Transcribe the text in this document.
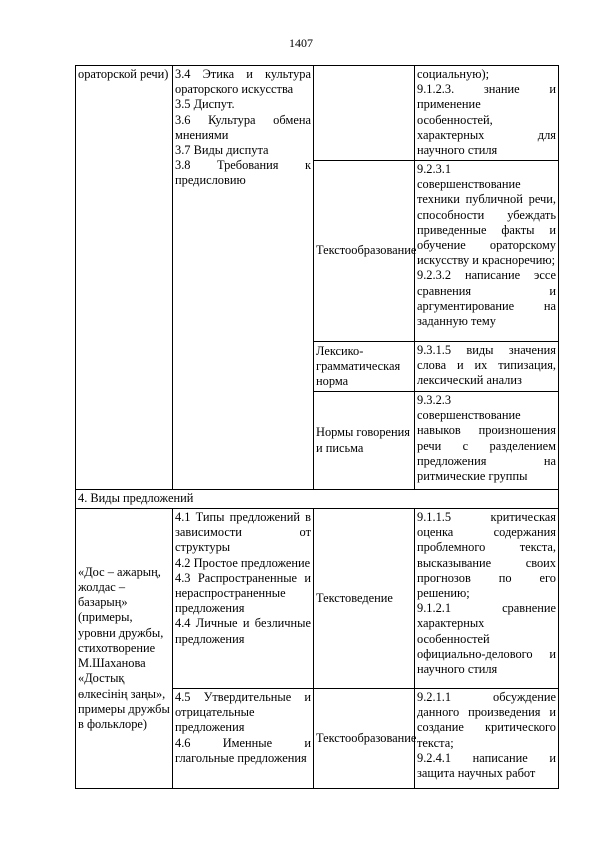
1407
ораторской речи)	3.4 Этика и культура ораторского искусства
3.5 Диспут.
3.6 Культура обмена мнениями
3.7 Виды диспута
3.8 Требования к предисловию		социальную);
9.1.2.3. знание и применение особенностей, характерных для научного стиля
		Текстообразование	9.2.3.1 совершенствование техники публичной речи, способности убеждать приведенные факты и обучение ораторскому искусству и красноречию;
9.2.3.2 написание эссе сравнения и аргументирование на заданную тему
		Лексико-грамматическая норма	9.3.1.5 виды значения слова и их типизация, лексический анализ
		Нормы говорения и письма	9.3.2.3 совершенствование навыков произношения речи с разделением предложения на ритмические группы
4. Виды предложений			
«Дос – ажарың, жолдас – базарың» (примеры, уровни дружбы, стихотворение М.Шаханова «Достық өлкесінің заңы», примеры дружбы в фольклоре)	4.1 Типы предложений в зависимости от структуры
4.2 Простое предложение
4.3 Распространенные и нераспространенные предложения
4.4 Личные и безличные предложения	Текстоведение	9.1.1.5 критическая оценка содержания проблемного текста, высказывание своих прогнозов по его решению;
9.1.2.1 сравнение характерных особенностей официально-делового и научного стиля

	4.5 Утвердительные и отрицательные предложения
4.6 Именные и глагольные предложения	Текстообразование	9.2.1.1 обсуждение данного произведения и создание критического текста;
9.2.4.1 написание и защита научных работ
